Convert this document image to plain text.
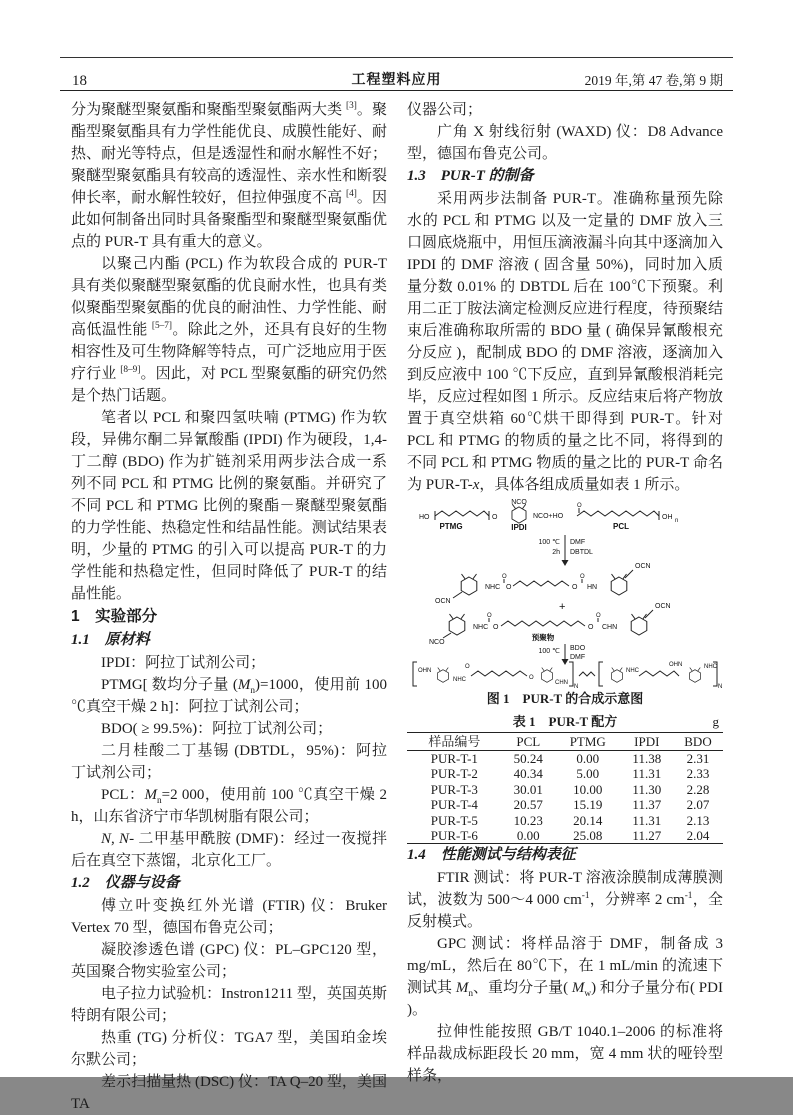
18	工程塑料应用	2019 年,第 47 卷,第 9 期

分为聚醚型聚氨酯和聚酯型聚氨酯两大类 [3]。聚酯型聚氨酯具有力学性能优良、成膜性能好、耐热、耐光等特点，但是透湿性和耐水解性不好；聚醚型聚氨酯具有较高的透湿性、亲水性和断裂伸长率，耐水解性较好，但拉伸强度不高 [4]。因此如何制备出同时具备聚酯型和聚醚型聚氨酯优点的 PUR-T 具有重大的意义。

以聚己内酯 (PCL) 作为软段合成的 PUR-T 具有类似聚醚型聚氨酯的优良耐水性，也具有类似聚酯型聚氨酯的优良的耐油性、力学性能、耐高低温性能 [5–7]。除此之外，还具有良好的生物相容性及可生物降解等特点，可广泛地应用于医疗行业 [8–9]。因此，对 PCL 型聚氨酯的研究仍然是个热门话题。

笔者以 PCL 和聚四氢呋喃 (PTMG) 作为软段，异佛尔酮二异氰酸酯 (IPDI) 作为硬段，1,4- 丁二醇 (BDO) 作为扩链剂采用两步法合成一系列不同 PCL 和 PTMG 比例的聚氨酯。并研究了不同 PCL 和 PTMG 比例的聚酯－聚醚型聚氨酯的力学性能、热稳定性和结晶性能。测试结果表明，少量的 PTMG 的引入可以提高 PUR-T 的力学性能和热稳定性，但同时降低了 PUR-T 的结晶性能。

1　实验部分
1.1　原材料

IPDI：阿拉丁试剂公司；

PTMG[ 数均分子量 $(M_n)=1000$，使用前 100 ℃真空干燥 2 h]：阿拉丁试剂公司；

BDO( ≥ 99.5%)：阿拉丁试剂公司；

二月桂酸二丁基锡 (DBTDL，95%)：阿拉丁试剂公司；

PCL：$M_n=2$ 000，使用前 100 ℃真空干燥 2 h，山东省济宁市华凯树脂有限公司；

N, N- 二甲基甲酰胺 (DMF)：经过一夜搅拌后在真空下蒸馏，北京化工厂。

1.2　仪器与设备

傅立叶变换红外光谱 (FTIR) 仪：Bruker Vertex 70 型，德国布鲁克公司；

凝胶渗透色谱 (GPC) 仪：PL–GPC120 型，英国聚合物实验室公司；

电子拉力试验机：Instron1211 型，英国英斯特朗有限公司；

热重 (TG) 分析仪：TGA7 型，美国珀金埃尔默公司；

差示扫描量热 (DSC) 仪：TA Q–20 型，美国 TA

仪器公司；

广角 X 射线衍射 (WAXD) 仪：D8 Advance 型，德国布鲁克公司。

1.3　PUR-T 的制备

采用两步法制备 PUR-T。准确称量预先除水的 PCL 和 PTMG 以及一定量的 DMF 放入三口圆底烧瓶中，用恒压滴液漏斗向其中逐滴加入 IPDI 的 DMF 溶液 ( 固含量 50%)，同时加入质量分数 0.01% 的 DBTDL 后在 100℃下预聚。利用二正丁胺法滴定检测反应进行程度，待预聚结束后准确称取所需的 BDO 量 ( 确保异氰酸根充分反应 )，配制成 BDO 的 DMF 溶液，逐滴加入到反应液中 100 ℃下反应，直到异氰酸根消耗完毕，反应过程如图 1 所示。反应结束后将产物放置于真空烘箱 60℃烘干即得到 PUR-T。针对 PCL 和 PTMG 的物质的量之比不同，将得到的不同 PCL 和 PTMG 物质的量之比的 PUR-T 命名为 PUR-T-x，具体各组成质量如表 1 所示。

HO	O
PTMG
NCO
IPDI
NCO+HO
O
OH n
PCL
100 ℃
2h
DMF
DBTDL
OCN
NHC
O
O	O
O
HN
OCN
+
NCO
NHC
O
O
预聚物
O
O
CHN
OCN
100 ℃ BDO
DMF
OHN
NHC
O
O
CHN
N
NHC
OHN	NHC
N
图 1　PUR-T 的合成示意图
表 1　PUR-T 配方	g
样品编号	PCL	PTMG	IPDI	BDO
PUR-T-1	50.24	0.00	11.38	2.31
PUR-T-2	40.34	5.00	11.31	2.33
PUR-T-3	30.01	10.00	11.30	2.28
PUR-T-4	20.57	15.19	11.37	2.07
PUR-T-5	10.23	20.14	11.31	2.13
PUR-T-6	0.00	25.08	11.27	2.04
1.4　性能测试与结构表征

FTIR 测试：将 PUR-T 溶液涂膜制成薄膜测试，波数为 500～4 000 $cm^{-1}$，分辨率 2 $cm^{-1}$，全反射模式。

GPC 测试：将样品溶于 DMF，制备成 3 mg/mL，然后在 80℃下，在 1 mL/min 的流速下测试其 $M_n$、重均分子量( $M_w$) 和分子量分布( PDI )。

拉伸性能按照 GB/T 1040.1–2006 的标准将样品裁成标距段长 20 mm，宽 4 mm 状的哑铃型样条，
